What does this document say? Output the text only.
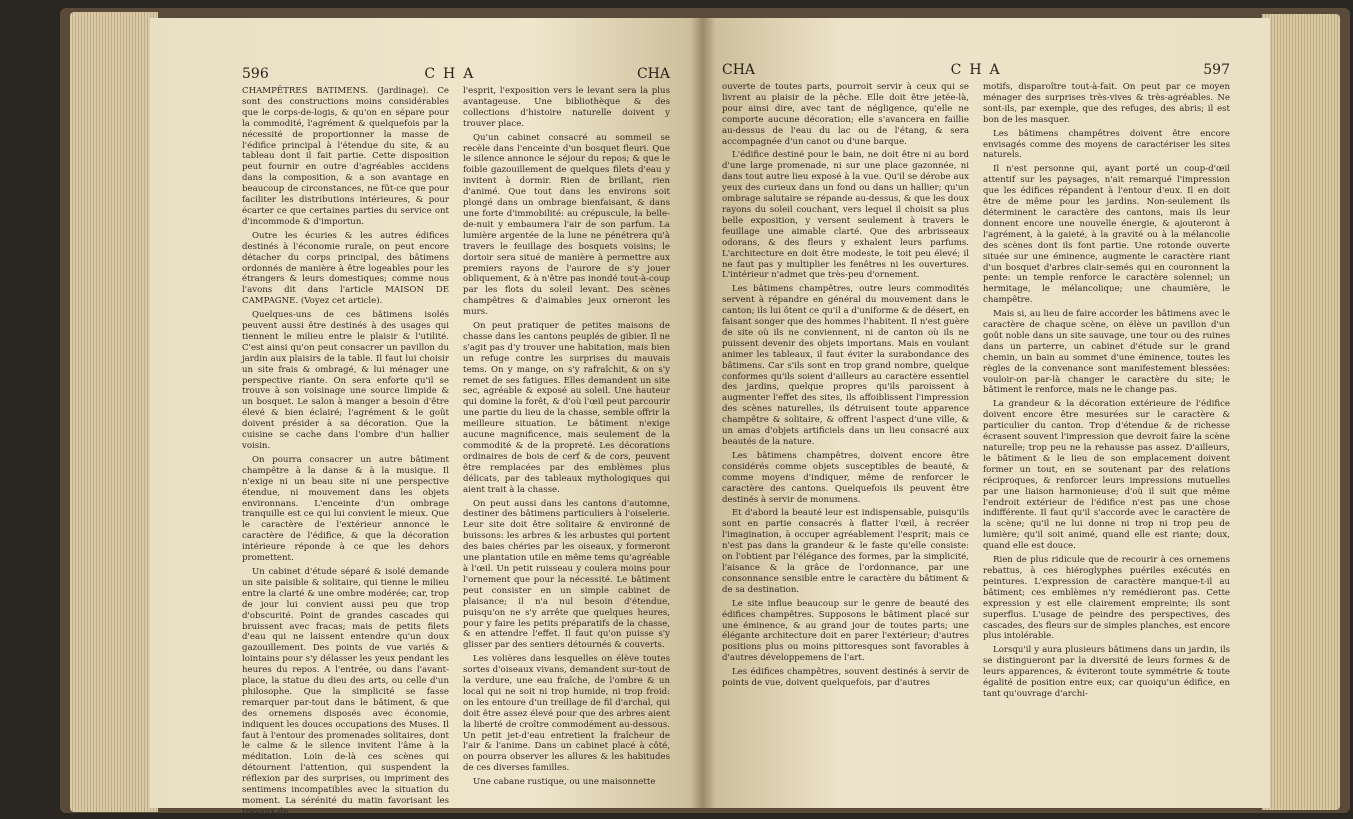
596	CHA	CHA

CHAMPÊTRES BATIMENS. (Jardinage). Ce sont des constructions moins considérables que le corps-de-logis, & qu'on en sépare pour la commodité, l'agrément & quelquefois par la nécessité de proportionner la masse de l'édifice principal à l'étendue du site, & au tableau dont il fait partie. Cette disposition peut fournir en outre d'agréables accidens dans la composition, & a son avantage en beaucoup de circonstances, ne fût-ce que pour faciliter les distributions intérieures, & pour écarter ce que certaines parties du service ont d'incommode & d'importun.

Outre les écuries & les autres édifices destinés à l'économie rurale, on peut encore détacher du corps principal, des bâtimens ordonnés de manière à être logeables pour les étrangers & leurs domestiques; comme nous l'avons dit dans l'article MAISON DE CAMPAGNE. (Voyez cet article).

Quelques-uns de ces bâtimens isolés peuvent aussi être destinés à des usages qui tiennent le milieu entre le plaisir & l'utilité. C'est ainsi qu'on peut consacrer un pavillon du jardin aux plaisirs de la table. Il faut lui choisir un site frais & ombragé, & lui ménager une perspective riante. On sera enforte qu'il se trouve à son voisinage une source limpide & un bosquet. Le salon à manger a besoin d'être élevé & bien éclairé; l'agrément & le goût doivent présider à sa décoration. Que la cuisine se cache dans l'ombre d'un hallier voisin.

On pourra consacrer un autre bâtiment champêtre à la danse & à la musique. Il n'exige ni un beau site ni une perspective étendue, ni mouvement dans les objets environnans. L'enceinte d'un ombrage tranquille est ce qui lui convient le mieux. Que le caractère de l'extérieur annonce le caractère de l'édifice, & que la décoration intérieure réponde à ce que les dehors promettent.

Un cabinet d'étude séparé & isolé demande un site paisible & solitaire, qui tienne le milieu entre la clarté & une ombre modérée; car, trop de jour lui convient aussi peu que trop d'obscurité. Point de grandes cascades qui bruissent avec fracas; mais de petits filets d'eau qui ne laissent entendre qu'un doux gazouillement. Des points de vue variés & lointains pour s'y délasser les yeux pendant les heures du repos. A l'entrée, ou dans l'avant-place, la statue du dieu des arts, ou celle d'un philosophe. Que la simplicité se fasse remarquer par-tout dans le bâtiment, & que des ornemens disposés avec économie, indiquent les douces occupations des Muses. Il faut à l'entour des promenades solitaires, dont le calme & le silence invitent l'âme à la méditation. Loin de-là ces scènes qui détournent l'attention, qui suspendent la réflexion par des surprises, ou impriment des sentimens incompatibles avec la situation du moment. La sérénité du matin favorisant les travaux de

l'esprit, l'exposition vers le levant sera la plus avantageuse. Une bibliothèque & des collections d'histoire naturelle doivent y trouver place.

Qu'un cabinet consacré au sommeil se recèle dans l'enceinte d'un bosquet fleuri. Que le silence annonce le séjour du repos; & que le foible gazouillement de quelques filets d'eau y invitent à dormir. Rien de brillant, rien d'animé. Que tout dans les environs soit plongé dans un ombrage bienfaisant, & dans une forte d'immobilité: au crépuscule, la belle-de-nuit y embaumera l'air de son parfum. La lumière argentée de la lune ne pénétrera qu'à travers le feuillage des bosquets voisins; le dortoir sera situé de manière à permettre aux premiers rayons de l'aurore de s'y jouer obliquement, & à n'être pas inondé tout-à-coup par les flots du soleil levant. Des scènes champêtres & d'aimables jeux orneront les murs.

On peut pratiquer de petites maisons de chasse dans les cantons peuplés de gibier. Il ne s'agit pas d'y trouver une habitation, mais bien un refuge contre les surprises du mauvais tems. On y mange, on s'y rafraîchit, & on s'y remet de ses fatigues. Elles demandent un site sec, agréable & exposé au soleil. Une hauteur qui domine la forêt, & d'où l'œil peut parcourir une partie du lieu de la chasse, semble offrir la meilleure situation. Le bâtiment n'exige aucune magnificence, mais seulement de la commodité & de la propreté. Les décorations ordinaires de bois de cerf & de cors, peuvent être remplacées par des emblèmes plus délicats, par des tableaux mythologiques qui aient trait à la chasse.

On peut aussi dans les cantons d'automne, destiner des bâtimens particuliers à l'oiselerie. Leur site doit être solitaire & environné de buissons: les arbres & les arbustes qui portent des baies chéries par les oiseaux, y formeront une plantation utile en même tems qu'agréable à l'œil. Un petit ruisseau y coulera moins pour l'ornement que pour la nécessité. Le bâtiment peut consister en un simple cabinet de plaisance; il n'a nul besoin d'étendue, puisqu'on ne s'y arrête que quelques heures, pour y faire les petits préparatifs de la chasse, & en attendre l'effet. Il faut qu'on puisse s'y glisser par des sentiers détournés & couverts.

Les volières dans lesquelles on élève toutes sortes d'oiseaux vivans, demandent sur-tout de la verdure, une eau fraîche, de l'ombre & un local qui ne soit ni trop humide, ni trop froid: on les entoure d'un treillage de fil d'archal, qui doit être assez élevé pour que des arbres aient la liberté de croître commodément au-dessous. Un petit jet-d'eau entretient la fraîcheur de l'air & l'anime. Dans un cabinet placé à côté, on pourra observer les allures & les habitudes de ces diverses familles.

Une cabane rustique, ou une maisonnette

CHA	CHA	597

ouverte de toutes parts, pourroit servir à ceux qui se livrent au plaisir de la pêche. Elle doit être jetée-là, pour ainsi dire, avec tant de négligence, qu'elle ne comporte aucune décoration; elle s'avancera en faillie au-dessus de l'eau du lac ou de l'étang, & sera accompagnée d'un canot ou d'une barque.

L'édifice destiné pour le bain, ne doit être ni au bord d'une large promenade, ni sur une place gazonnée, ni dans tout autre lieu exposé à la vue. Qu'il se dérobe aux yeux des curieux dans un fond ou dans un hallier; qu'un ombrage salutaire se répande au-dessus, & que les doux rayons du soleil couchant, vers lequel il choisit sa plus belle exposition, y versent seulement à travers le feuillage une aimable clarté. Que des arbrisseaux odorans, & des fleurs y exhalent leurs parfums. L'architecture en doit être modeste, le toit peu élevé; il ne faut pas y multiplier les fenêtres ni les ouvertures. L'intérieur n'admet que très-peu d'ornement.

Les bâtimens champêtres, outre leurs commodités servent à répandre en général du mouvement dans le canton; ils lui ôtent ce qu'il a d'uniforme & de désert, en faisant songer que des hommes l'habitent. Il n'est guère de site où ils ne conviennent, ni de canton où ils ne puissent devenir des objets importans. Mais en voulant animer les tableaux, il faut éviter la surabondance des bâtimens. Car s'ils sont en trop grand nombre, quelque conformes qu'ils soient d'ailleurs au caractère essentiel des jardins, quelque propres qu'ils paroissent à augmenter l'effet des sites, ils affoiblissent l'impression des scènes naturelles, ils détruisent toute apparence champêtre & solitaire, & offrent l'aspect d'une ville, & un amas d'objets artificiels dans un lieu consacré aux beautés de la nature.

Les bâtimens champêtres, doivent encore être considérés comme objets susceptibles de beauté, & comme moyens d'indiquer, même de renforcer le caractère des cantons. Quelquefois ils peuvent être destinés à servir de monumens.

Et d'abord la beauté leur est indispensable, puisqu'ils sont en partie consacrés à flatter l'œil, à recréer l'imagination, à occuper agréablement l'esprit; mais ce n'est pas dans la grandeur & le faste qu'elle consiste: on l'obtient par l'élégance des formes, par la simplicité, l'aisance & la grâce de l'ordonnance, par une consonnance sensible entre le caractère du bâtiment & de sa destination.

Le site influe beaucoup sur le genre de beauté des édifices champêtres. Supposons le bâtiment placé sur une éminence, & au grand jour de toutes parts; une élégante architecture doit en parer l'extérieur; d'autres positions plus ou moins pittoresques sont favorables à d'autres développemens de l'art.

Les édifices champêtres, souvent destinés à servir de points de vue, doivent quelquefois, par d'autres

motifs, disparoître tout-à-fait. On peut par ce moyen ménager des surprises très-vives & très-agréables. Ne sont-ils, par exemple, que des refuges, des abris; il est bon de les masquer.

Les bâtimens champêtres doivent être encore envisagés comme des moyens de caractériser les sites naturels.

Il n'est personne qui, ayant porté un coup-d'œil attentif sur les paysages, n'ait remarqué l'impression que les édifices répandent à l'entour d'eux. Il en doit être de même pour les jardins. Non-seulement ils déterminent le caractère des cantons, mais ils leur donnent encore une nouvelle énergie, & ajouteront à l'agrément, à la gaieté, à la gravité ou à la mélancolie des scènes dont ils font partie. Une rotonde ouverte située sur une éminence, augmente le caractère riant d'un bosquet d'arbres clair-semés qui en couronnent la pente: un temple renforce le caractère solennel; un hermitage, le mélancolique; une chaumière, le champêtre.

Mais si, au lieu de faire accorder les bâtimens avec le caractère de chaque scène, on élève un pavillon d'un goût noble dans un site sauvage, une tour ou des ruines dans un parterre, un cabinet d'étude sur le grand chemin, un bain au sommet d'une éminence, toutes les règles de la convenance sont manifestement blessées: vouloir-on par-là changer le caractère du site; le bâtiment le renforce, mais ne le change pas.

La grandeur & la décoration extérieure de l'édifice doivent encore être mesurées sur le caractère & particulier du canton. Trop d'étendue & de richesse écrasent souvent l'impression que devroit faire la scène naturelle; trop peu ne la rehausse pas assez. D'ailleurs, le bâtiment & le lieu de son emplacement doivent former un tout, en se soutenant par des relations réciproques, & renforcer leurs impressions mutuelles par une liaison harmonieuse; d'où il suit que même l'endroit extérieur de l'édifice n'est pas une chose indifférente. Il faut qu'il s'accorde avec le caractère de la scène; qu'il ne lui donne ni trop ni trop peu de lumière; qu'il soit animé, quand elle est riante; doux, quand elle est douce.

Rien de plus ridicule que de recourir à ces ornemens rebattus, à ces hiéroglyphes puériles exécutés en peintures. L'expression de caractère manque-t-il au bâtiment; ces emblèmes n'y remédieront pas. Cette expression y est elle clairement empreinte; ils sont superflus. L'usage de peindre des perspectives, des cascades, des fleurs sur de simples planches, est encore plus intolérable.

Lorsqu'il y aura plusieurs bâtimens dans un jardin, ils se distingueront par la diversité de leurs formes & de leurs apparences, & éviteront toute symmétrie & toute égalité de position entre eux; car quoiqu'un édifice, en tant qu'ouvrage d'archi-
